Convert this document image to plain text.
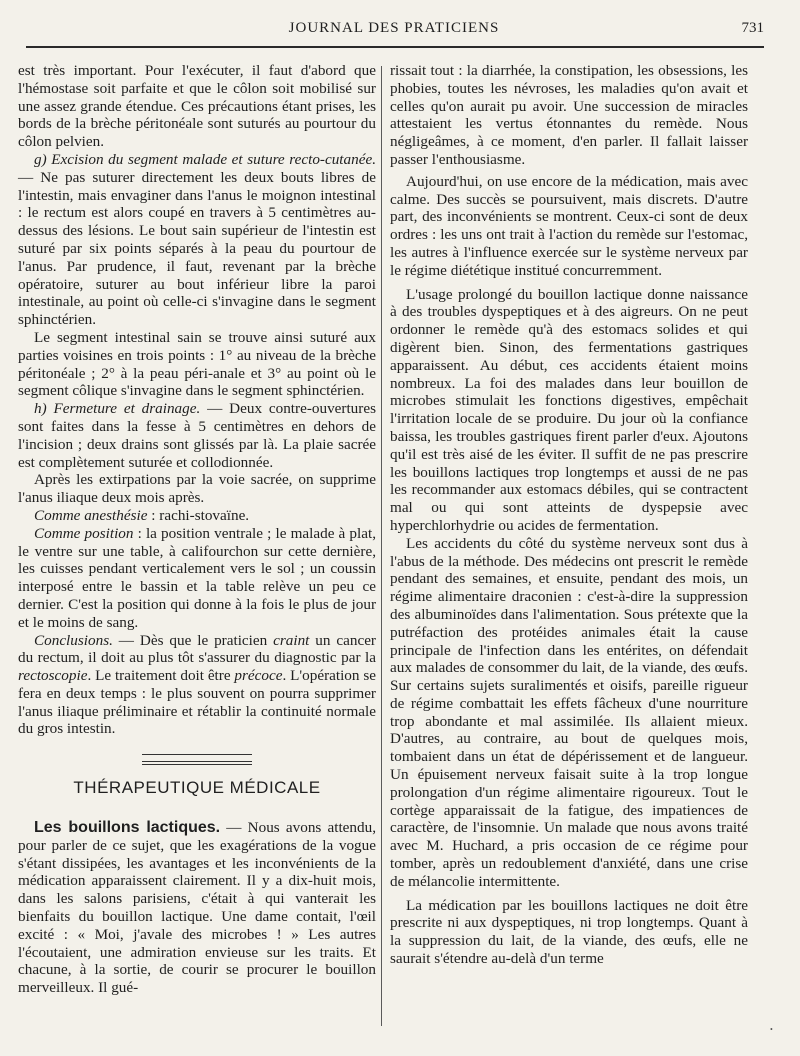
JOURNAL DES PRATICIENS	731

est très important. Pour l'exécuter, il faut d'abord que l'hémostase soit parfaite et que le côlon soit mobilisé sur une assez grande étendue. Ces précautions étant prises, les bords de la brèche péritonéale sont suturés au pourtour du côlon pelvien.

g) Excision du segment malade et suture recto-cutanée. — Ne pas suturer directement les deux bouts libres de l'intestin, mais envaginer dans l'anus le moignon intestinal : le rectum est alors coupé en travers à 5 centimètres au-dessus des lésions. Le bout sain supérieur de l'intestin est suturé par six points séparés à la peau du pourtour de l'anus. Par prudence, il faut, revenant par la brèche opératoire, suturer au bout inférieur libre la paroi intestinale, au point où celle-ci s'invagine dans le segment sphinctérien.

Le segment intestinal sain se trouve ainsi suturé aux parties voisines en trois points : 1° au niveau de la brèche péritonéale ; 2° à la peau péri-anale et 3° au point où le segment côlique s'invagine dans le segment sphinctérien.

h) Fermeture et drainage. — Deux contre-ouvertures sont faites dans la fesse à 5 centimètres en dehors de l'incision ; deux drains sont glissés par là. La plaie sacrée est complètement suturée et collodionnée.

Après les extirpations par la voie sacrée, on supprime l'anus iliaque deux mois après.

Comme anesthésie : rachi-stovaïne.

Comme position : la position ventrale ; le malade à plat, le ventre sur une table, à califourchon sur cette dernière, les cuisses pendant verticalement vers le sol ; un coussin interposé entre le bassin et la table relève un peu ce dernier. C'est la position qui donne à la fois le plus de jour et le moins de sang.

Conclusions. — Dès que le praticien craint un cancer du rectum, il doit au plus tôt s'assurer du diagnostic par la rectoscopie. Le traitement doit être précoce. L'opération se fera en deux temps : le plus souvent on pourra supprimer l'anus iliaque préliminaire et rétablir la continuité normale du gros intestin.

THÉRAPEUTIQUE MÉDICALE

Les bouillons lactiques. — Nous avons attendu, pour parler de ce sujet, que les exagérations de la vogue s'étant dissipées, les avantages et les inconvénients de la médication apparaissent clairement. Il y a dix-huit mois, dans les salons parisiens, c'était à qui vanterait les bienfaits du bouillon lactique. Une dame contait, l'œil excité : « Moi, j'avale des microbes ! » Les autres l'écoutaient, une admiration envieuse sur les traits. Et chacune, à la sortie, de courir se procurer le bouillon merveilleux. Il gué-

rissait tout : la diarrhée, la constipation, les obsessions, les phobies, toutes les névroses, les maladies qu'on avait et celles qu'on aurait pu avoir. Une succession de miracles attestaient les vertus étonnantes du remède. Nous négligeâmes, à ce moment, d'en parler. Il fallait laisser passer l'enthousiasme.

Aujourd'hui, on use encore de la médication, mais avec calme. Des succès se poursuivent, mais discrets. D'autre part, des inconvénients se montrent. Ceux-ci sont de deux ordres : les uns ont trait à l'action du remède sur l'estomac, les autres à l'influence exercée sur le système nerveux par le régime diététique institué concurremment.

L'usage prolongé du bouillon lactique donne naissance à des troubles dyspeptiques et à des aigreurs. On ne peut ordonner le remède qu'à des estomacs solides et qui digèrent bien. Sinon, des fermentations gastriques apparaissent. Au début, ces accidents étaient moins nombreux. La foi des malades dans leur bouillon de microbes stimulait les fonctions digestives, empêchait l'irritation locale de se produire. Du jour où la confiance baissa, les troubles gastriques firent parler d'eux. Ajoutons qu'il est très aisé de les éviter. Il suffit de ne pas prescrire les bouillons lactiques trop longtemps et aussi de ne pas les recommander aux estomacs débiles, qui se contractent mal ou qui sont atteints de dyspepsie avec hyperchlorhydrie ou acides de fermentation.

Les accidents du côté du système nerveux sont dus à l'abus de la méthode. Des médecins ont prescrit le remède pendant des semaines, et ensuite, pendant des mois, un régime alimentaire draconien : c'est-à-dire la suppression des albuminoïdes dans l'alimentation. Sous prétexte que la putréfaction des protéides animales était la cause principale de l'infection dans les entérites, on défendait aux malades de consommer du lait, de la viande, des œufs. Sur certains sujets suralimentés et oisifs, pareille rigueur de régime combattait les effets fâcheux d'une nourriture trop abondante et mal assimilée. Ils allaient mieux. D'autres, au contraire, au bout de quelques mois, tombaient dans un état de dépérissement et de langueur. Un épuisement nerveux faisait suite à la trop longue prolongation d'un régime alimentaire rigoureux. Tout le cortège apparaissait de la fatigue, des impatiences de caractère, de l'insomnie. Un malade que nous avons traité avec M. Huchard, a pris occasion de ce régime pour tomber, après un redoublement d'anxiété, dans une crise de mélancolie intermittente.

La médication par les bouillons lactiques ne doit être prescrite ni aux dyspeptiques, ni trop longtemps. Quant à la suppression du lait, de la viande, des œufs, elle ne saurait s'étendre au-delà d'un terme

•
